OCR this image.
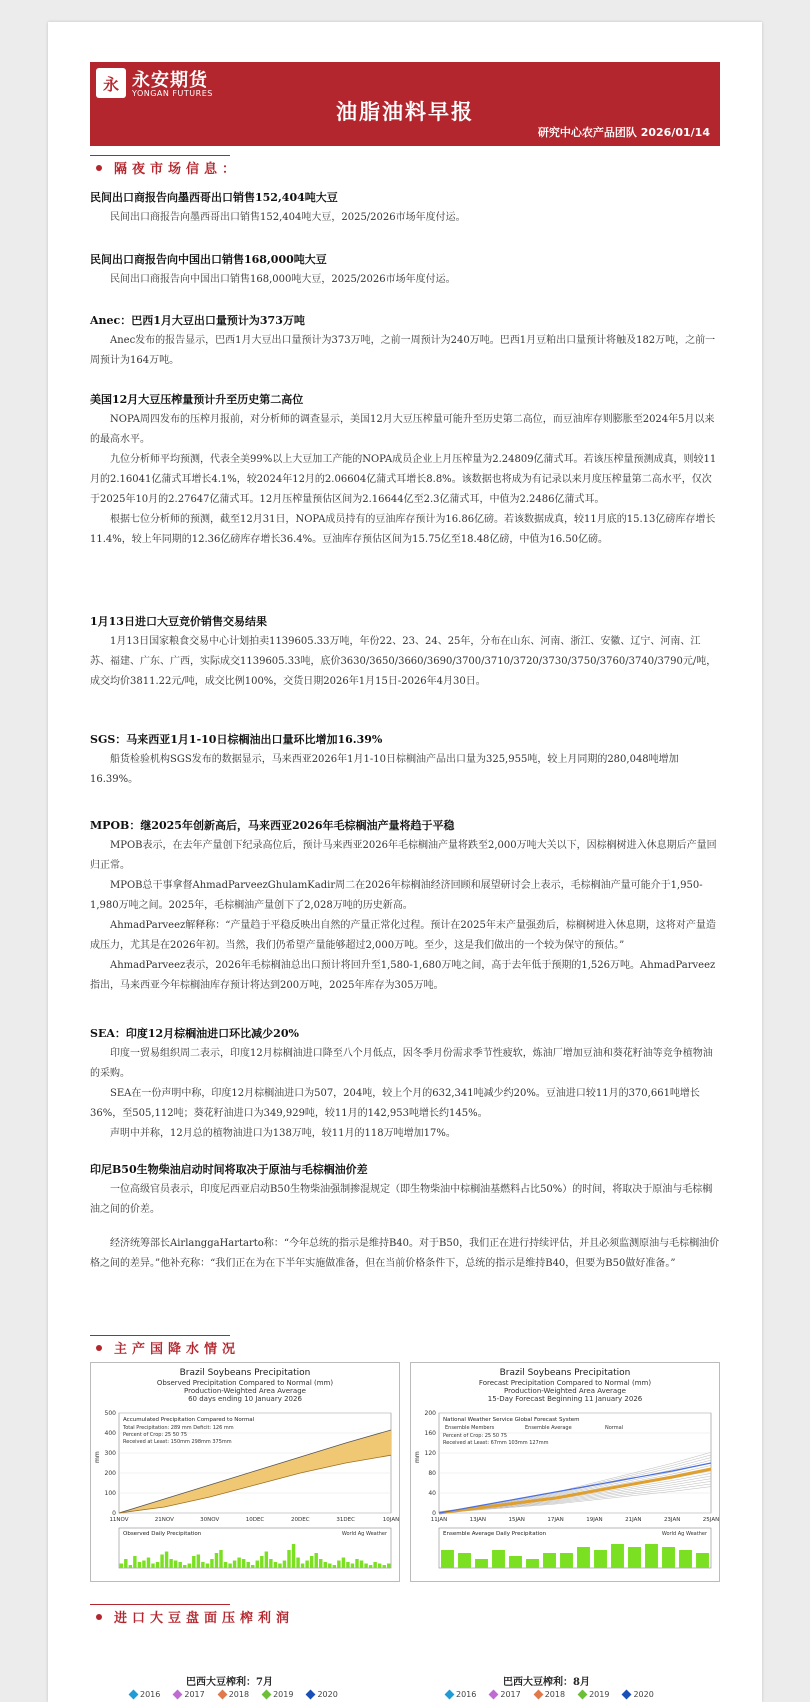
永 永安期货
YONGAN FUTURES
油脂油料早报
研究中心农产品团队 2026/01/14
隔夜市场信息：
民间出口商报告向墨西哥出口销售152,404吨大豆

民间出口商报告向墨西哥出口销售152,404吨大豆，2025/2026市场年度付运。

民间出口商报告向中国出口销售168,000吨大豆

民间出口商报告向中国出口销售168,000吨大豆，2025/2026市场年度付运。

Anec：巴西1月大豆出口量预计为373万吨

Anec发布的报告显示，巴西1月大豆出口量预计为373万吨，之前一周预计为240万吨。巴西1月豆粕出口量预计将触及182万吨，之前一周预计为164万吨。

美国12月大豆压榨量预计升至历史第二高位

NOPA周四发布的压榨月报前，对分析师的调查显示，美国12月大豆压榨量可能升至历史第二高位，而豆油库存则膨胀至2024年5月以来的最高水平。

九位分析师平均预测，代表全美99%以上大豆加工产能的NOPA成员企业上月压榨量为2.24809亿蒲式耳。若该压榨量预测成真，则较11月的2.16041亿蒲式耳增长4.1%，较2024年12月的2.06604亿蒲式耳增长8.8%。该数据也将成为有记录以来月度压榨量第二高水平，仅次于2025年10月的2.27647亿蒲式耳。12月压榨量预估区间为2.16644亿至2.3亿蒲式耳，中值为2.2486亿蒲式耳。

根据七位分析师的预测，截至12月31日，NOPA成员持有的豆油库存预计为16.86亿磅。若该数据成真，较11月底的15.13亿磅库存增长11.4%，较上年同期的12.36亿磅库存增长36.4%。豆油库存预估区间为15.75亿至18.48亿磅，中值为16.50亿磅。

1月13日进口大豆竞价销售交易结果

1月13日国家粮食交易中心计划拍卖1139605.33万吨，年份22、23、24、25年，分布在山东、河南、浙江、安徽、辽宁、河南、江苏、福建、广东、广西，实际成交1139605.33吨，底价3630/3650/3660/3690/3700/3710/3720/3730/3750/3760/3740/3790元/吨，成交均价3811.22元/吨，成交比例100%，交货日期2026年1月15日-2026年4月30日。

SGS：马来西亚1月1-10日棕榈油出口量环比增加16.39%

船货检验机构SGS发布的数据显示，马来西亚2026年1月1-10日棕榈油产品出口量为325,955吨，较上月同期的280,048吨增加16.39%。

MPOB：继2025年创新高后，马来西亚2026年毛棕榈油产量将趋于平稳

MPOB表示，在去年产量创下纪录高位后，预计马来西亚2026年毛棕榈油产量将跌至2,000万吨大关以下，因棕榈树进入休息期后产量回归正常。

MPOB总干事拿督AhmadParveezGhulamKadir周二在2026年棕榈油经济回顾和展望研讨会上表示，毛棕榈油产量可能介于1,950-1,980万吨之间。2025年，毛棕榈油产量创下了2,028万吨的历史新高。

AhmadParveez解释称：“产量趋于平稳反映出自然的产量正常化过程。预计在2025年末产量强劲后，棕榈树进入休息期，这将对产量造成压力，尤其是在2026年初。当然，我们仍希望产量能够超过2,000万吨。至少，这是我们做出的一个较为保守的预估。”

AhmadParveez表示，2026年毛棕榈油总出口预计将回升至1,580-1,680万吨之间，高于去年低于预期的1,526万吨。AhmadParveez指出，马来西亚今年棕榈油库存预计将达到200万吨，2025年库存为305万吨。

SEA：印度12月棕榈油进口环比减少20%

印度一贸易组织周二表示，印度12月棕榈油进口降至八个月低点，因冬季月份需求季节性疲软，炼油厂增加豆油和葵花籽油等竞争植物油的采购。

SEA在一份声明中称，印度12月棕榈油进口为507，204吨，较上个月的632,341吨减少约20%。豆油进口较11月的370,661吨增长36%，至505,112吨；葵花籽油进口为349,929吨，较11月的142,953吨增长约145%。

声明中并称，12月总的植物油进口为138万吨，较11月的118万吨增加17%。

印尼B50生物柴油启动时间将取决于原油与毛棕榈油价差

一位高级官员表示，印度尼西亚启动B50生物柴油强制掺混规定（即生物柴油中棕榈油基燃料占比50%）的时间，将取决于原油与毛棕榈油之间的价差。

经济统筹部长AirlanggaHartarto称：“今年总统的指示是维持B40。对于B50，我们正在进行持续评估，并且必须监测原油与毛棕榈油价格之间的差异。”他补充称：“我们正在为在下半年实施做准备，但在当前价格条件下，总统的指示是维持B40，但要为B50做好准备。”

主产国降水情况
Brazil Soybeans Precipitation
Observed Precipitation Compared to Normal (mm)
Production-Weighted Area Average
60 days ending 10 January 2026
0
100
200
300
400
500
mm
11NOV	21NOV	30NOV	10DEC	20DEC	31DEC	10JAN
Accumulated Precipitation Compared to Normal
Total Precipitation: 289 mm Deficit: 126 mm
Percent of Crop: 25 50 75
Received at Least: 150mm 298mm 375mm
Observed Daily Precipitation	World Ag Weather
Brazil Soybeans Precipitation
Forecast Precipitation Compared to Normal (mm)
Production-Weighted Area Average
15-Day Forecast Beginning 11 January 2026
0
40
80
120
160
200
mm
11JAN	13JAN	15JAN	17JAN	19JAN	21JAN	23JAN	25JAN
Ensemble Members	Ensemble Average	Normal
National Weather Service Global Forecast System
Percent of Crop: 25 50 75
Received at Least: 67mm 103mm 127mm
Ensemble Average Daily Precipitation	World Ag Weather
进口大豆盘面压榨利润
巴西大豆榨利：7月	巴西大豆榨利：8月
2016	2017	2018	2019	2020	2016	2017	2018	2019	2020
